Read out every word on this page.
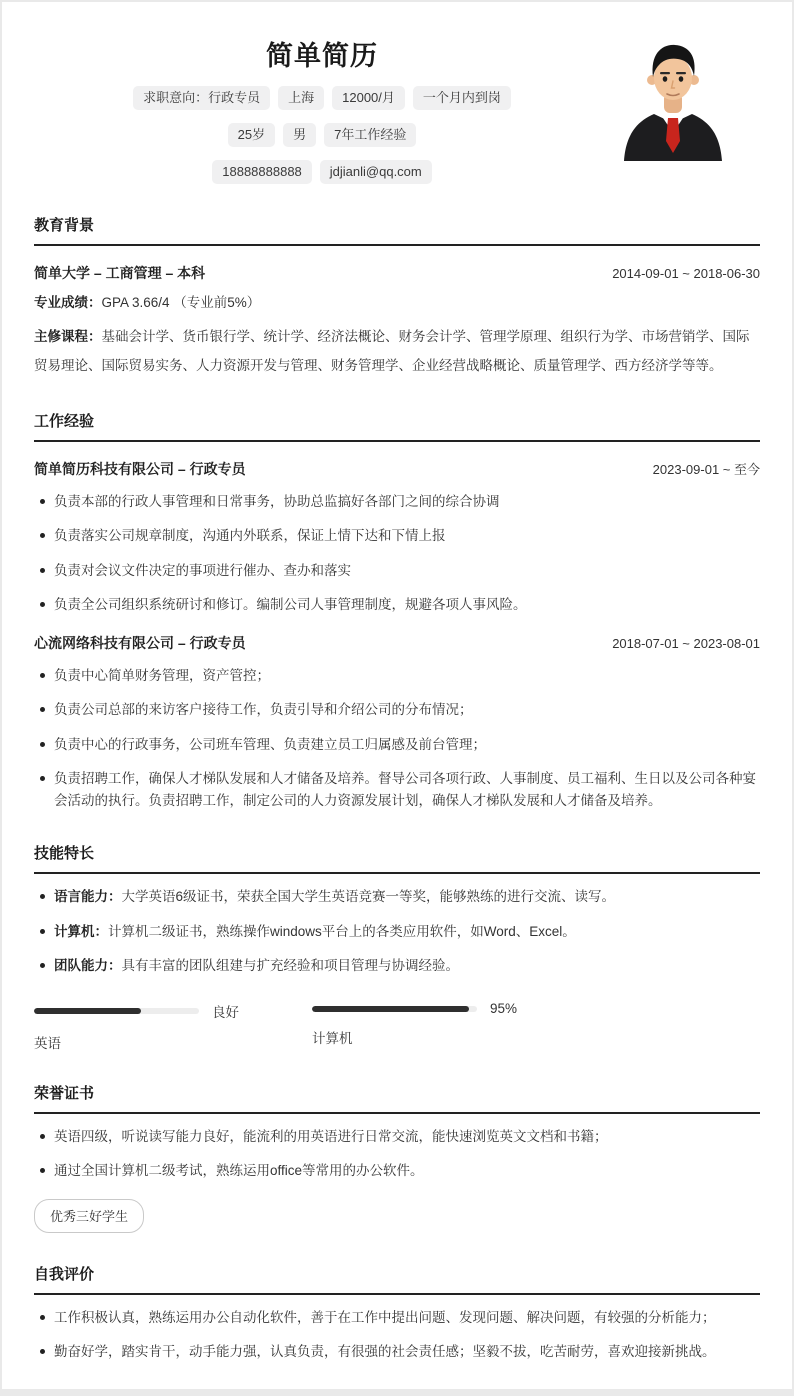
简单简历
求职意向：行政专员	上海	12000/月	一个月内到岗
25岁	男	7年工作经验
18888888888	jdjianli@qq.com
教育背景
简单大学 – 工商管理 – 本科	2014-09-01 ~ 2018-06-30

专业成绩：GPA 3.66/4 （专业前5%）

主修课程：基础会计学、货币银行学、统计学、经济法概论、财务会计学、管理学原理、组织行为学、市场营销学、国际贸易理论、国际贸易实务、人力资源开发与管理、财务管理学、企业经营战略概论、质量管理学、西方经济学等等。

工作经验
简单简历科技有限公司 – 行政专员	2023-09-01 ~ 至今
负责本部的行政人事管理和日常事务，协助总监搞好各部门之间的综合协调
负责落实公司规章制度，沟通内外联系，保证上情下达和下情上报
负责对会议文件决定的事项进行催办、查办和落实
负责全公司组织系统研讨和修订。编制公司人事管理制度，规避各项人事风险。
心流网络科技有限公司 – 行政专员	2018-07-01 ~ 2023-08-01
负责中心简单财务管理，资产管控；
负责公司总部的来访客户接待工作，负责引导和介绍公司的分布情况；
负责中心的行政事务，公司班车管理、负责建立员工归属感及前台管理；
负责招聘工作，确保人才梯队发展和人才储备及培养。督导公司各项行政、人事制度、员工福利、生日以及公司各种宴会活动的执行。负责招聘工作，制定公司的人力资源发展计划，确保人才梯队发展和人才储备及培养。
技能特长
语言能力：大学英语6级证书，荣获全国大学生英语竞赛一等奖，能够熟练的进行交流、读写。
计算机：计算机二级证书，熟练操作windows平台上的各类应用软件，如Word、Excel。
团队能力：具有丰富的团队组建与扩充经验和项目管理与协调经验。
良好
英语
95%
计算机
荣誉证书
英语四级，听说读写能力良好，能流利的用英语进行日常交流，能快速浏览英文文档和书籍；
通过全国计算机二级考试，熟练运用office等常用的办公软件。
优秀三好学生
自我评价
工作积极认真，熟练运用办公自动化软件，善于在工作中提出问题、发现问题、解决问题，有较强的分析能力；
勤奋好学，踏实肯干，动手能力强，认真负责，有很强的社会责任感；坚毅不拔，吃苦耐劳，喜欢迎接新挑战。
